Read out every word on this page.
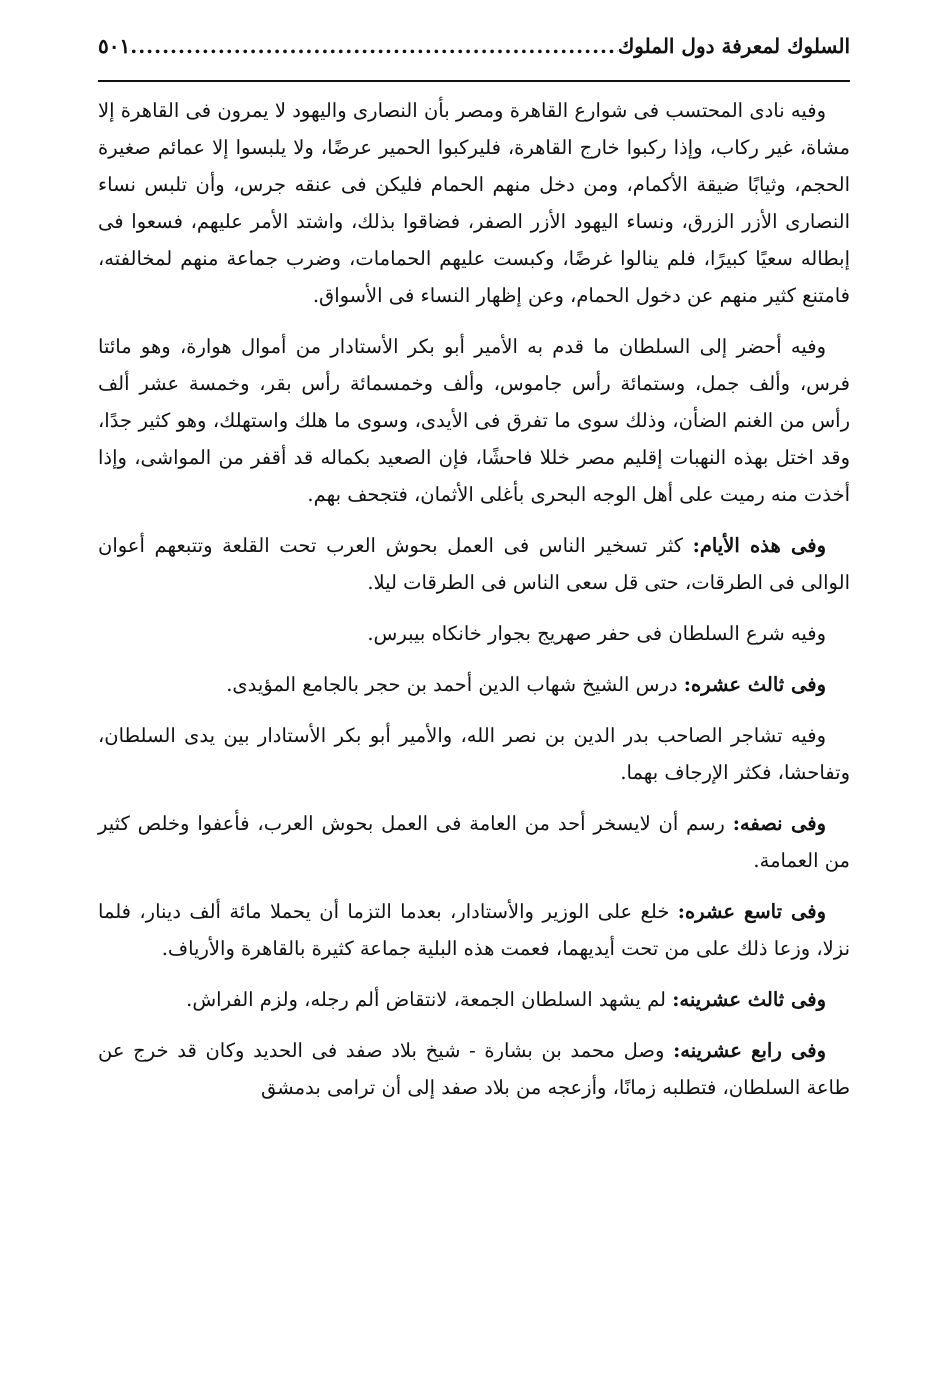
السلوك لمعرفة دول الملوك
.....
٥٠١

وفيه نادى المحتسب فى شوارع القاهرة ومصر بأن النصارى واليهود لا يمرون فى القاهرة إلا مشاة، غير ركاب، وإذا ركبوا خارج القاهرة، فليركبوا الحمير عرضًا، ولا يلبسوا إلا عمائم صغيرة الحجم، وثيابًا ضيقة الأكمام، ومن دخل منهم الحمام فليكن فى عنقه جرس، وأن تلبس نساء النصارى الأزر الزرق، ونساء اليهود الأزر الصفر، فضاقوا بذلك، واشتد الأمر عليهم، فسعوا فى إبطاله سعيًا كبيرًا، فلم ينالوا غرضًا، وكبست عليهم الحمامات، وضرب جماعة منهم لمخالفته، فامتنع كثير منهم عن دخول الحمام، وعن إظهار النساء فى الأسواق.

وفيه أحضر إلى السلطان ما قدم به الأمير أبو بكر الأستادار من أموال هوارة، وهو مائتا فرس، وألف جمل، وستمائة رأس جاموس، وألف وخمسمائة رأس بقر، وخمسة عشر ألف رأس من الغنم الضأن، وذلك سوى ما تفرق فى الأيدى، وسوى ما هلك واستهلك، وهو كثير جدًا، وقد اختل بهذه النهبات إقليم مصر خللا فاحشًا، فإن الصعيد بكماله قد أقفر من المواشى، وإذا أخذت منه رميت على أهل الوجه البحرى بأغلى الأثمان، فتجحف بهم.

وفى هذه الأيام: كثر تسخير الناس فى العمل بحوش العرب تحت القلعة وتتبعهم أعوان الوالى فى الطرقات، حتى قل سعى الناس فى الطرقات ليلا.

وفيه شرع السلطان فى حفر صهريج بجوار خانكاه بيبرس.

وفى ثالث عشره: درس الشيخ شهاب الدين أحمد بن حجر بالجامع المؤيدى.

وفيه تشاجر الصاحب بدر الدين بن نصر الله، والأمير أبو بكر الأستادار بين يدى السلطان، وتفاحشا، فكثر الإرجاف بهما.

وفى نصفه: رسم أن لايسخر أحد من العامة فى العمل بحوش العرب، فأعفوا وخلص كثير من العمامة.

وفى تاسع عشره: خلع على الوزير والأستادار، بعدما التزما أن يحملا مائة ألف دينار، فلما نزلا، وزعا ذلك على من تحت أيديهما، فعمت هذه البلية جماعة كثيرة بالقاهرة والأرياف.

وفى ثالث عشرينه: لم يشهد السلطان الجمعة، لانتقاض ألم رجله، ولزم الفراش.

وفى رابع عشرينه: وصل محمد بن بشارة - شيخ بلاد صفد فى الحديد وكان قد خرج عن طاعة السلطان، فتطلبه زمانًا، وأزعجه من بلاد صفد إلى أن ترامى بدمشق
